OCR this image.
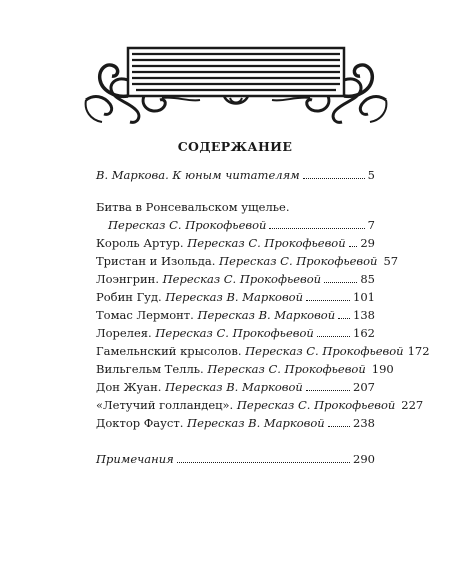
СОДЕРЖАНИЕ
В. Маркова. К юным читателям	5
Битва в Ронсевальском ущелье.
Пересказ С. Прокофьевой	7
Король Артур. Пересказ С. Прокофьевой 29
Тристан и Изольда. Пересказ С. Прокофьевой 57
Лоэнгрин. Пересказ С. Прокофьевой	85
Робин Гуд. Пересказ В. Марковой	101
Томас Лермонт. Пересказ В. Марковой 138
Лорелея. Пересказ С. Прокофьевой	162
Гамельнский крысолов. Пересказ С. Прокофьевой 172
Вильгельм Телль. Пересказ С. Прокофьевой 190
Дон Жуан. Пересказ В. Марковой	207
«Летучий голландец». Пересказ С. Прокофьевой 227
Доктор Фауст. Пересказ В. Марковой 238
Примечания	290
